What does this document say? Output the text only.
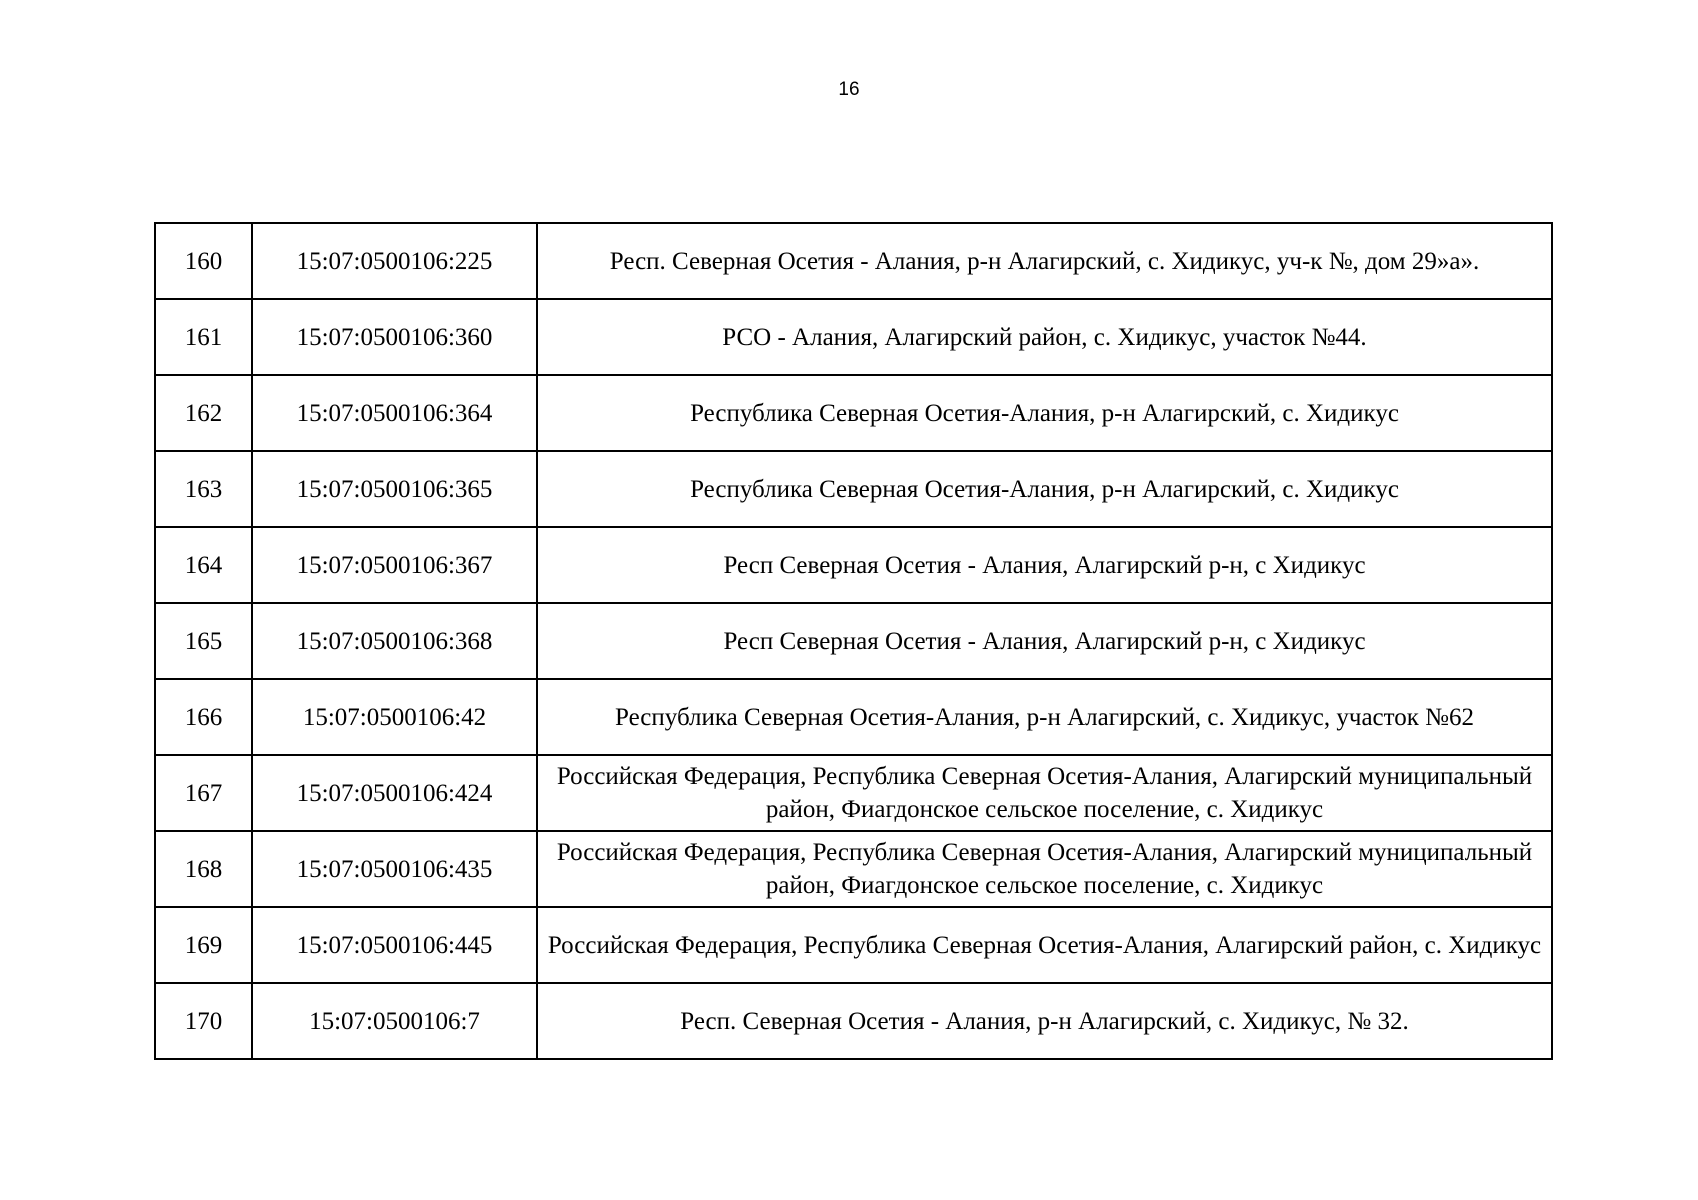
16
160	15:07:0500106:225	Респ. Северная Осетия - Алания, р-н Алагирский, с. Хидикус, уч-к №, дом 29»а».
161	15:07:0500106:360	РСО - Алания, Алагирский район, с. Хидикус, участок №44.
162	15:07:0500106:364	Республика Северная Осетия-Алания, р-н Алагирский, с. Хидикус
163	15:07:0500106:365	Республика Северная Осетия-Алания, р-н Алагирский, с. Хидикус
164	15:07:0500106:367	Респ Северная Осетия - Алания, Алагирский р-н, с Хидикус
165	15:07:0500106:368	Респ Северная Осетия - Алания, Алагирский р-н, с Хидикус
166	15:07:0500106:42	Республика Северная Осетия-Алания, р-н Алагирский, с. Хидикус, участок №62
167	15:07:0500106:424	Российская Федерация, Республика Северная Осетия-Алания, Алагирский муниципальный район, Фиагдонское сельское поселение, с. Хидикус
168	15:07:0500106:435	Российская Федерация, Республика Северная Осетия-Алания, Алагирский муниципальный район, Фиагдонское сельское поселение, с. Хидикус
169	15:07:0500106:445	Российская Федерация, Республика Северная Осетия-Алания, Алагирский район, с. Хидикус
170	15:07:0500106:7	Респ. Северная Осетия - Алания, р-н Алагирский, с. Хидикус, № 32.
